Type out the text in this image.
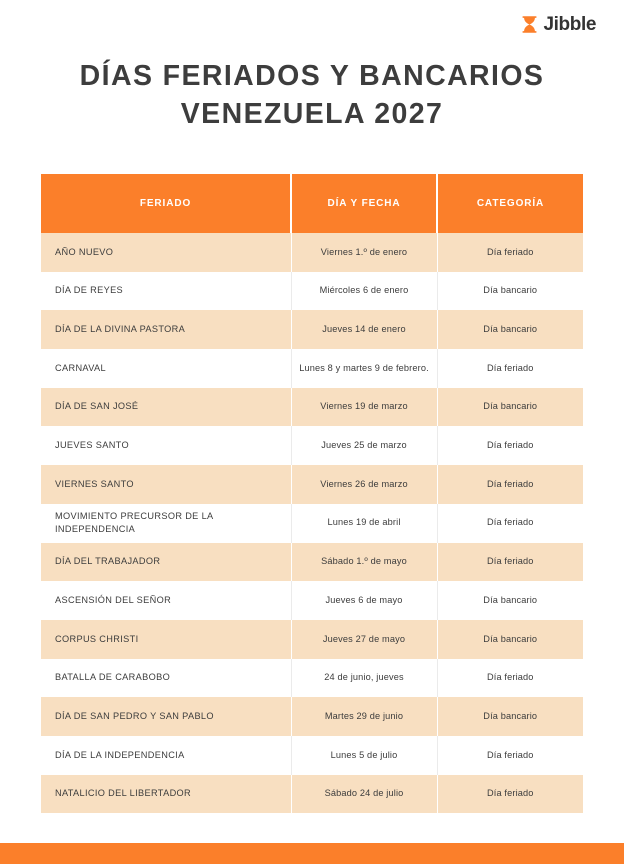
Jibble
DÍAS FERIADOS Y BANCARIOS
VENEZUELA 2027
FERIADO	DÍA Y FECHA	CATEGORÍA
AÑO NUEVO	Viernes 1.º de enero	Día feriado
DÍA DE REYES	Miércoles 6 de enero	Día bancario
DÍA DE LA DIVINA PASTORA	Jueves 14 de enero	Día bancario
CARNAVAL	Lunes 8 y martes 9 de febrero.	Día feriado
DÍA DE SAN JOSÉ	Viernes 19 de marzo	Día bancario
JUEVES SANTO	Jueves 25 de marzo	Día feriado
VIERNES SANTO	Viernes 26 de marzo	Día feriado
MOVIMIENTO PRECURSOR DE LA INDEPENDENCIA	Lunes 19 de abril	Día feriado
DÍA DEL TRABAJADOR	Sábado 1.º de mayo	Día feriado
ASCENSIÓN DEL SEÑOR	Jueves 6 de mayo	Día bancario
CORPUS CHRISTI	Jueves 27 de mayo	Día bancario
BATALLA DE CARABOBO	24 de junio, jueves	Día feriado
DÍA DE SAN PEDRO Y SAN PABLO	Martes 29 de junio	Día bancario
DÍA DE LA INDEPENDENCIA	Lunes 5 de julio	Día feriado
NATALICIO DEL LIBERTADOR	Sábado 24 de julio	Día feriado
